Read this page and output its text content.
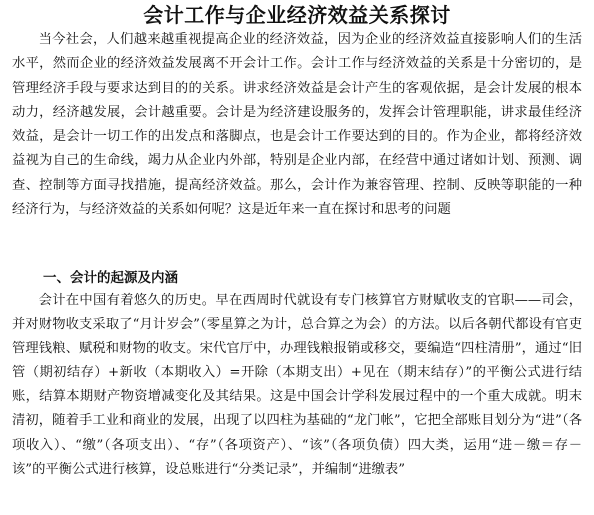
会计工作与企业经济效益关系探讨

当今社会，人们越来越重视提高企业的经济效益，因为企业的经济效益直接影响人们的生活水平，然而企业的经济效益发展离不开会计工作。会计工作与经济效益的关系是十分密切的，是管理经济手段与要求达到目的的关系。讲求经济效益是会计产生的客观依据，是会计发展的根本动力，经济越发展，会计越重要。会计是为经济建设服务的，发挥会计管理职能，讲求最佳经济效益，是会计一切工作的出发点和落脚点，也是会计工作要达到的目的。作为企业，都将经济效益视为自己的生命线，竭力从企业内外部，特别是企业内部，在经营中通过诸如计划、预测、调查、控制等方面寻找措施，提高经济效益。那么，会计作为兼容管理、控制、反映等职能的一种经济行为，与经济效益的关系如何呢？这是近年来一直在探讨和思考的问题

一、会计的起源及内涵

会计在中国有着悠久的历史。早在西周时代就设有专门核算官方财赋收支的官职——司会，并对财物收支采取了“月计岁会”（零星算之为计，总合算之为会）的方法。以后各朝代都设有官吏管理钱粮、赋税和财物的收支。宋代官厅中，办理钱粮报销或移交，要编造“四柱清册”，通过“旧管（期初结存）+新收（本期收入）=开除（本期支出）+见在（期末结存）”的平衡公式进行结账，结算本期财产物资增减变化及其结果。这是中国会计学科发展过程中的一个重大成就。明末清初，随着手工业和商业的发展，出现了以四柱为基础的“龙门帐”，它把全部账目划分为“进”（各项收入）、“缴”（各项支出）、“存”（各项资产）、“该”（各项负债）四大类，运用“进－缴＝存－该”的平衡公式进行核算，设总账进行“分类记录”，并编制“进缴表”
